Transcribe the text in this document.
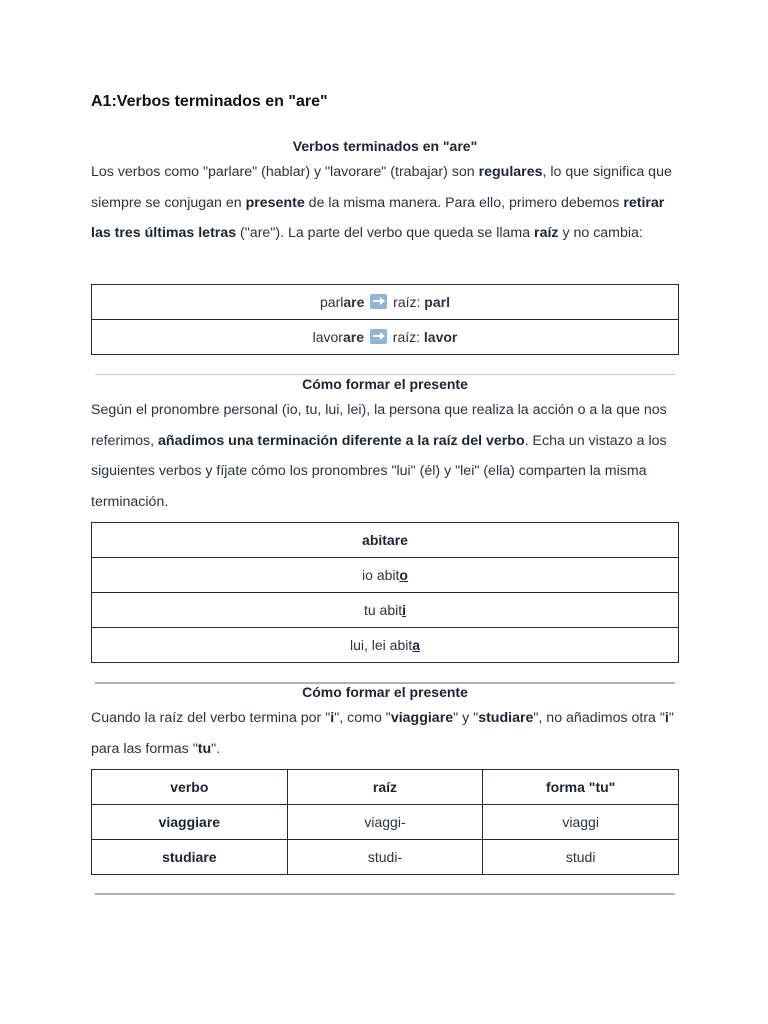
A1:Verbos terminados en "are"
Verbos terminados en "are"

Los verbos como "parlare" (hablar) y "lavorare" (trabajar) son regulares, lo que significa que siempre se conjugan en presente de la misma manera. Para ello, primero debemos retirar las tres últimas letras ("are"). La parte del verbo que queda se llama raíz y no cambia:

parlare  raíz: parl
lavorare  raíz: lavor
Cómo formar el presente

Según el pronombre personal (io, tu, lui, lei), la persona que realiza la acción o a la que nos referimos, añadimos una terminación diferente a la raíz del verbo. Echa un vistazo a los siguientes verbos y fíjate cómo los pronombres "lui" (él) y "lei" (ella) comparten la misma terminación.

abitare
io abito
tu abiti
lui, lei abita
Cómo formar el presente

Cuando la raíz del verbo termina por "i", como "viaggiare" y "studiare", no añadimos otra "i" para las formas "tu".

verbo	raíz	forma "tu"
viaggiare	viaggi-	viaggi
studiare	studi-	studi
